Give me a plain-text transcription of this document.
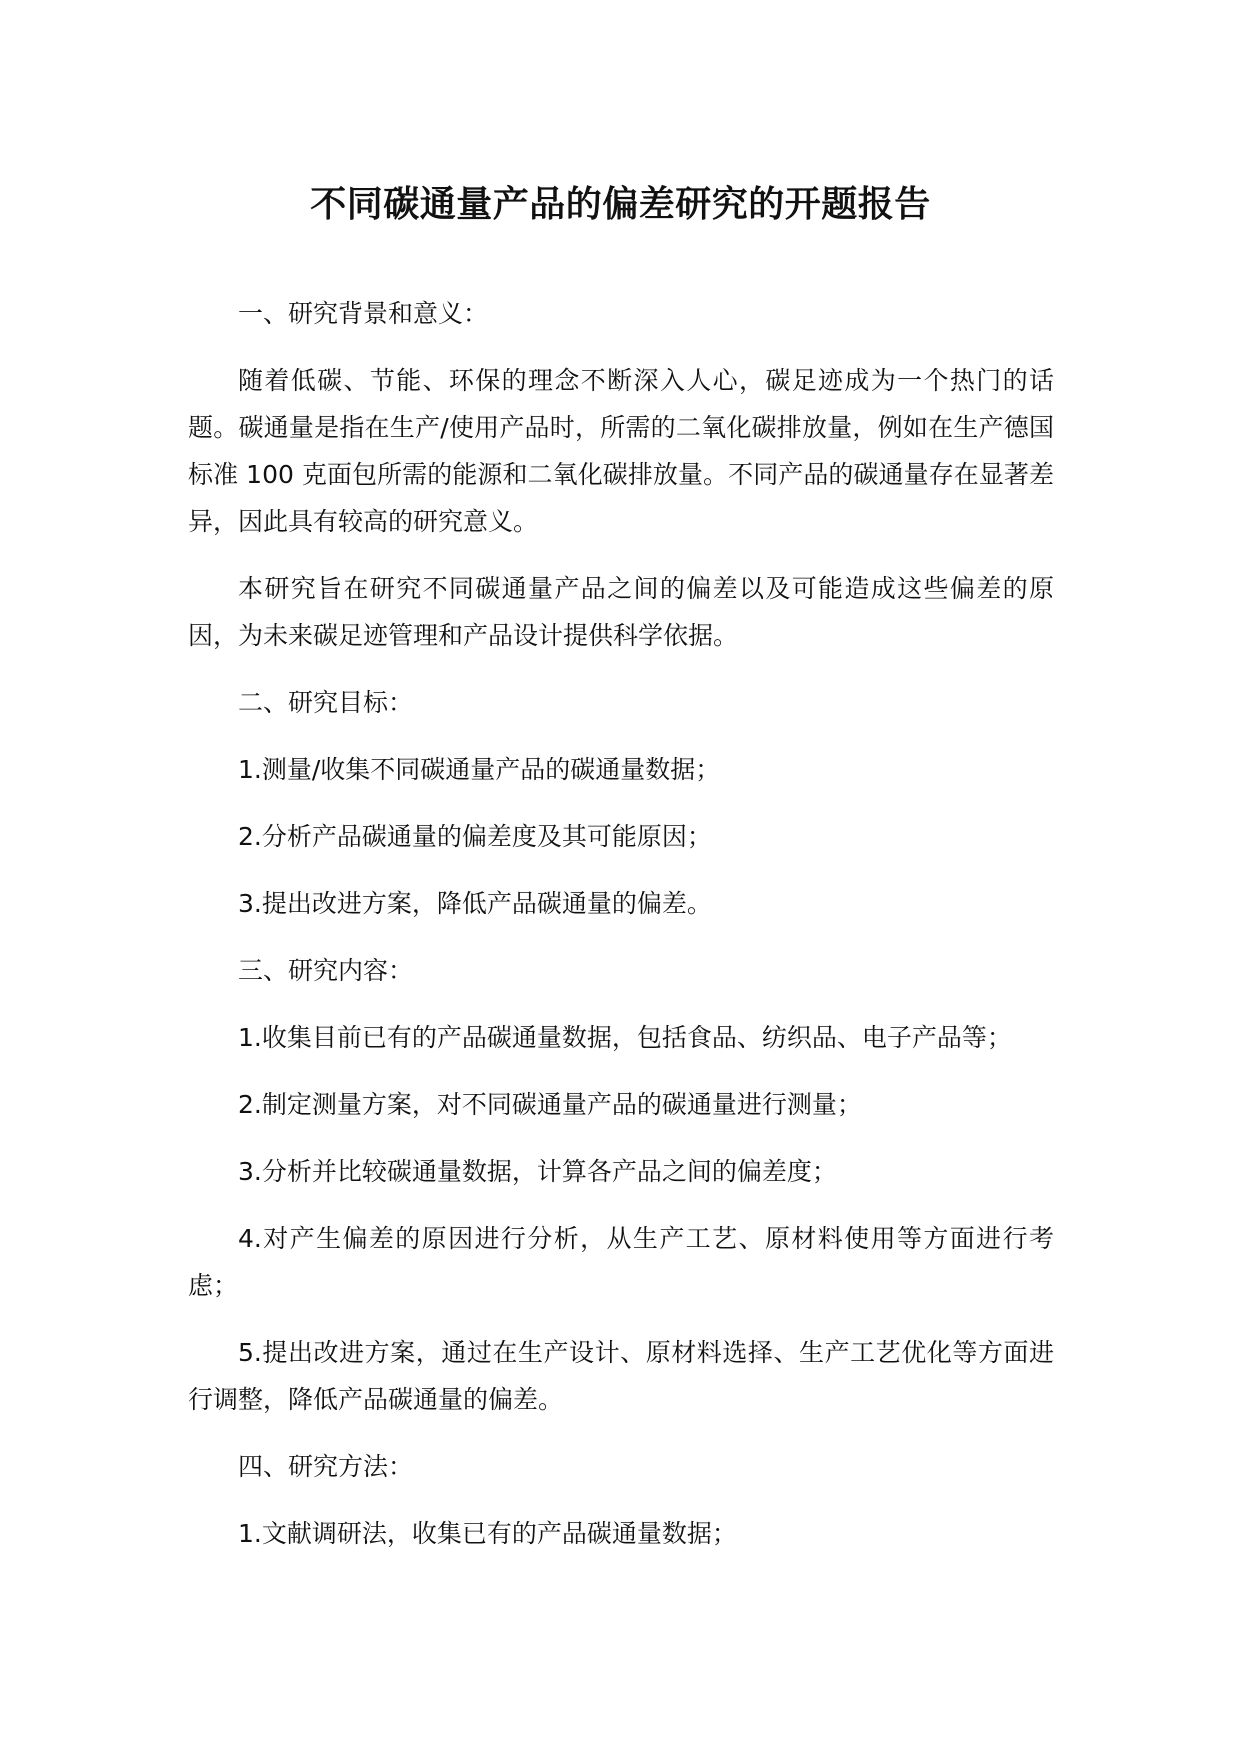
不同碳通量产品的偏差研究的开题报告

一、研究背景和意义：

随着低碳、节能、环保的理念不断深入人心，碳足迹成为一个热门的话题。碳通量是指在生产/使用产品时，所需的二氧化碳排放量，例如在生产德国标准 100 克面包所需的能源和二氧化碳排放量。不同产品的碳通量存在显著差异，因此具有较高的研究意义。

本研究旨在研究不同碳通量产品之间的偏差以及可能造成这些偏差的原因，为未来碳足迹管理和产品设计提供科学依据。

二、研究目标：

1.测量/收集不同碳通量产品的碳通量数据；

2.分析产品碳通量的偏差度及其可能原因；

3.提出改进方案，降低产品碳通量的偏差。

三、研究内容：

1.收集目前已有的产品碳通量数据，包括食品、纺织品、电子产品等；

2.制定测量方案，对不同碳通量产品的碳通量进行测量；

3.分析并比较碳通量数据，计算各产品之间的偏差度；

4.对产生偏差的原因进行分析，从生产工艺、原材料使用等方面进行考虑；

5.提出改进方案，通过在生产设计、原材料选择、生产工艺优化等方面进行调整，降低产品碳通量的偏差。

四、研究方法：

1.文献调研法，收集已有的产品碳通量数据；
